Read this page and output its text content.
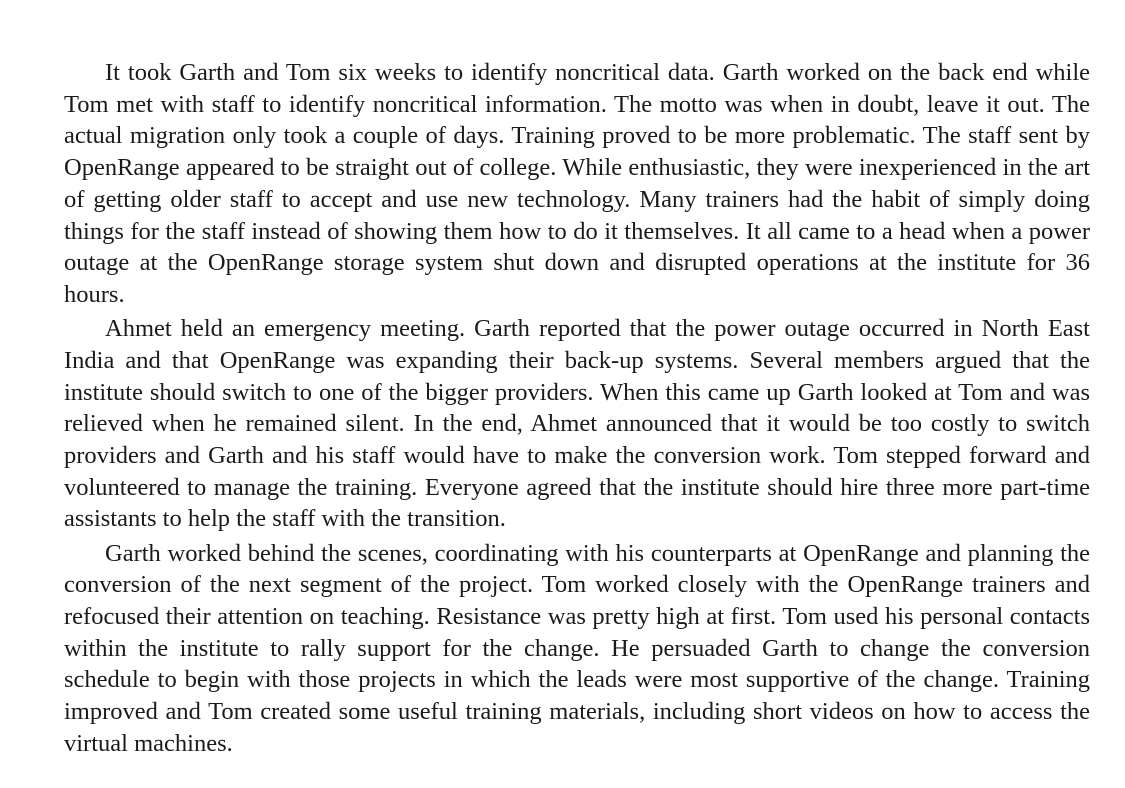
It took Garth and Tom six weeks to identify noncritical data. Garth worked on the back end while Tom met with staff to identify noncritical information. The motto was when in doubt, leave it out. The actual migration only took a couple of days. Training proved to be more problematic. The staff sent by OpenRange appeared to be straight out of college. While enthusiastic, they were inexperienced in the art of getting older staff to accept and use new technology. Many trainers had the habit of simply doing things for the staff instead of showing them how to do it themselves. It all came to a head when a power outage at the OpenRange storage system shut down and disrupted operations at the institute for 36 hours.

Ahmet held an emergency meeting. Garth reported that the power outage occurred in North East India and that OpenRange was expanding their back-up systems. Several members argued that the institute should switch to one of the bigger providers. When this came up Garth looked at Tom and was relieved when he remained silent. In the end, Ahmet announced that it would be too costly to switch providers and Garth and his staff would have to make the conversion work. Tom stepped forward and volunteered to manage the training. Everyone agreed that the institute should hire three more part-time assistants to help the staff with the transition.

Garth worked behind the scenes, coordinating with his counterparts at OpenRange and planning the conversion of the next segment of the project. Tom worked closely with the OpenRange trainers and refocused their attention on teaching. Resistance was pretty high at first. Tom used his personal contacts within the institute to rally support for the change. He persuaded Garth to change the conversion schedule to begin with those projects in which the leads were most supportive of the change. Training improved and Tom created some useful training materials, including short videos on how to access the virtual machines.
